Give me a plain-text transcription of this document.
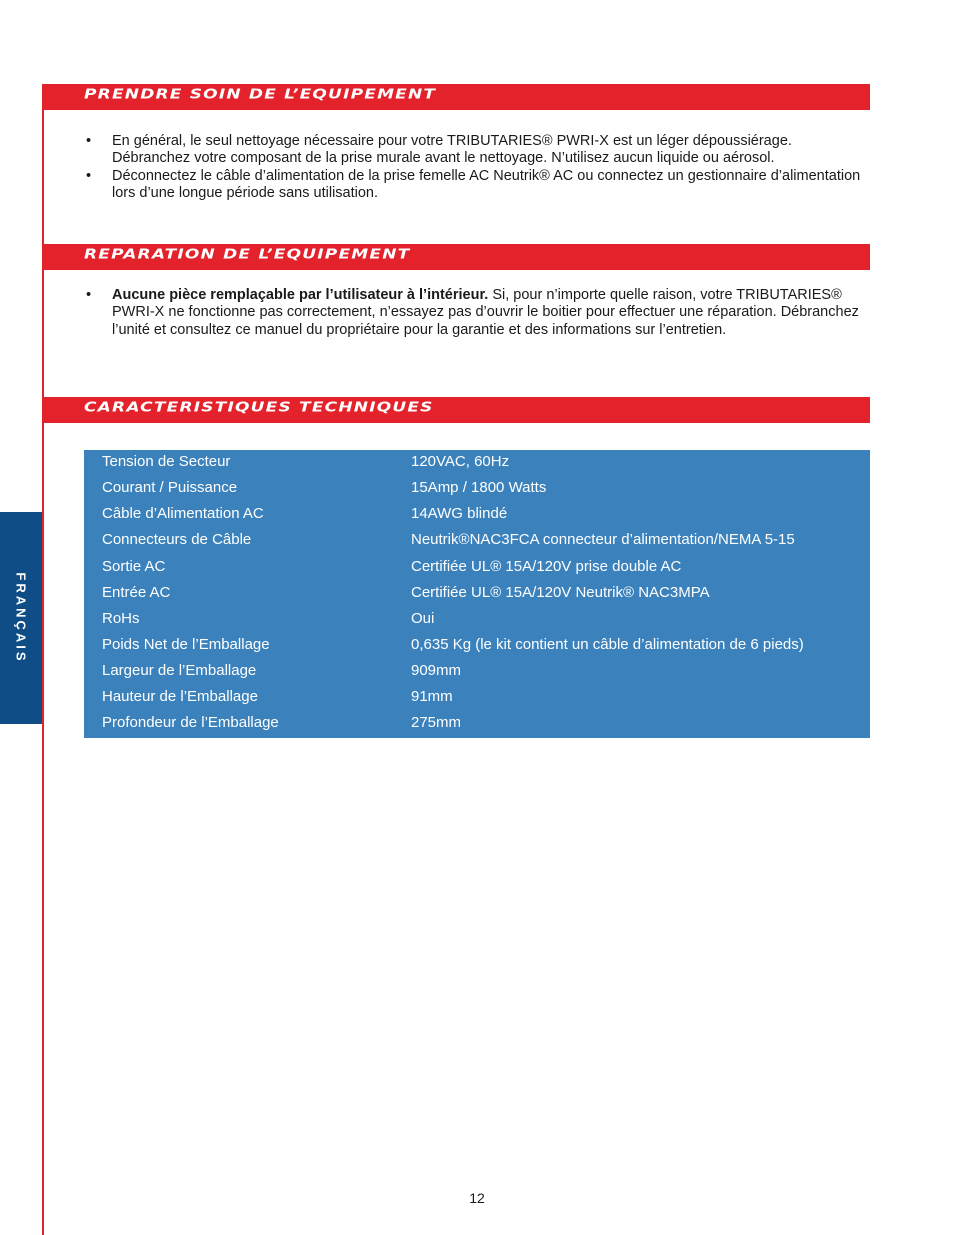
FRANÇAIS
PRENDRE SOIN DE L’EQUIPEMENT
• En général, le seul nettoyage nécessaire pour votre TRIBUTARIES® PWRI-X est un léger dépoussiérage. Débranchez votre composant de la prise murale avant le nettoyage. N’utilisez aucun liquide ou aérosol.
• Déconnectez le câble d’alimentation de la prise femelle AC Neutrik® AC ou connectez un gestionnaire d’alimentation lors d’une longue période sans utilisation.
REPARATION DE L’EQUIPEMENT
• Aucune pièce remplaçable par l’utilisateur à l’intérieur. Si, pour n’importe quelle raison, votre TRIBUTARIES® PWRI-X ne fonctionne pas correctement, n’essayez pas d’ouvrir le boitier pour effectuer une réparation. Débranchez l’unité et consultez ce manuel du propriétaire pour la garantie et des informations sur l’entretien.
CARACTERISTIQUES TECHNIQUES
Tension de Secteur	120VAC, 60Hz
Courant / Puissance	15Amp / 1800 Watts
Câble d’Alimentation AC	14AWG blindé
Connecteurs de Câble	Neutrik®NAC3FCA connecteur d’alimentation/NEMA 5-15
Sortie AC	Certifiée UL® 15A/120V prise double AC
Entrée AC	Certifiée UL® 15A/120V Neutrik® NAC3MPA
RoHs	Oui
Poids Net de l’Emballage	0,635 Kg (le kit contient un câble d’alimentation de 6 pieds)
Largeur de l’Emballage	909mm
Hauteur de l’Emballage	91mm
Profondeur de l’Emballage	275mm
12
